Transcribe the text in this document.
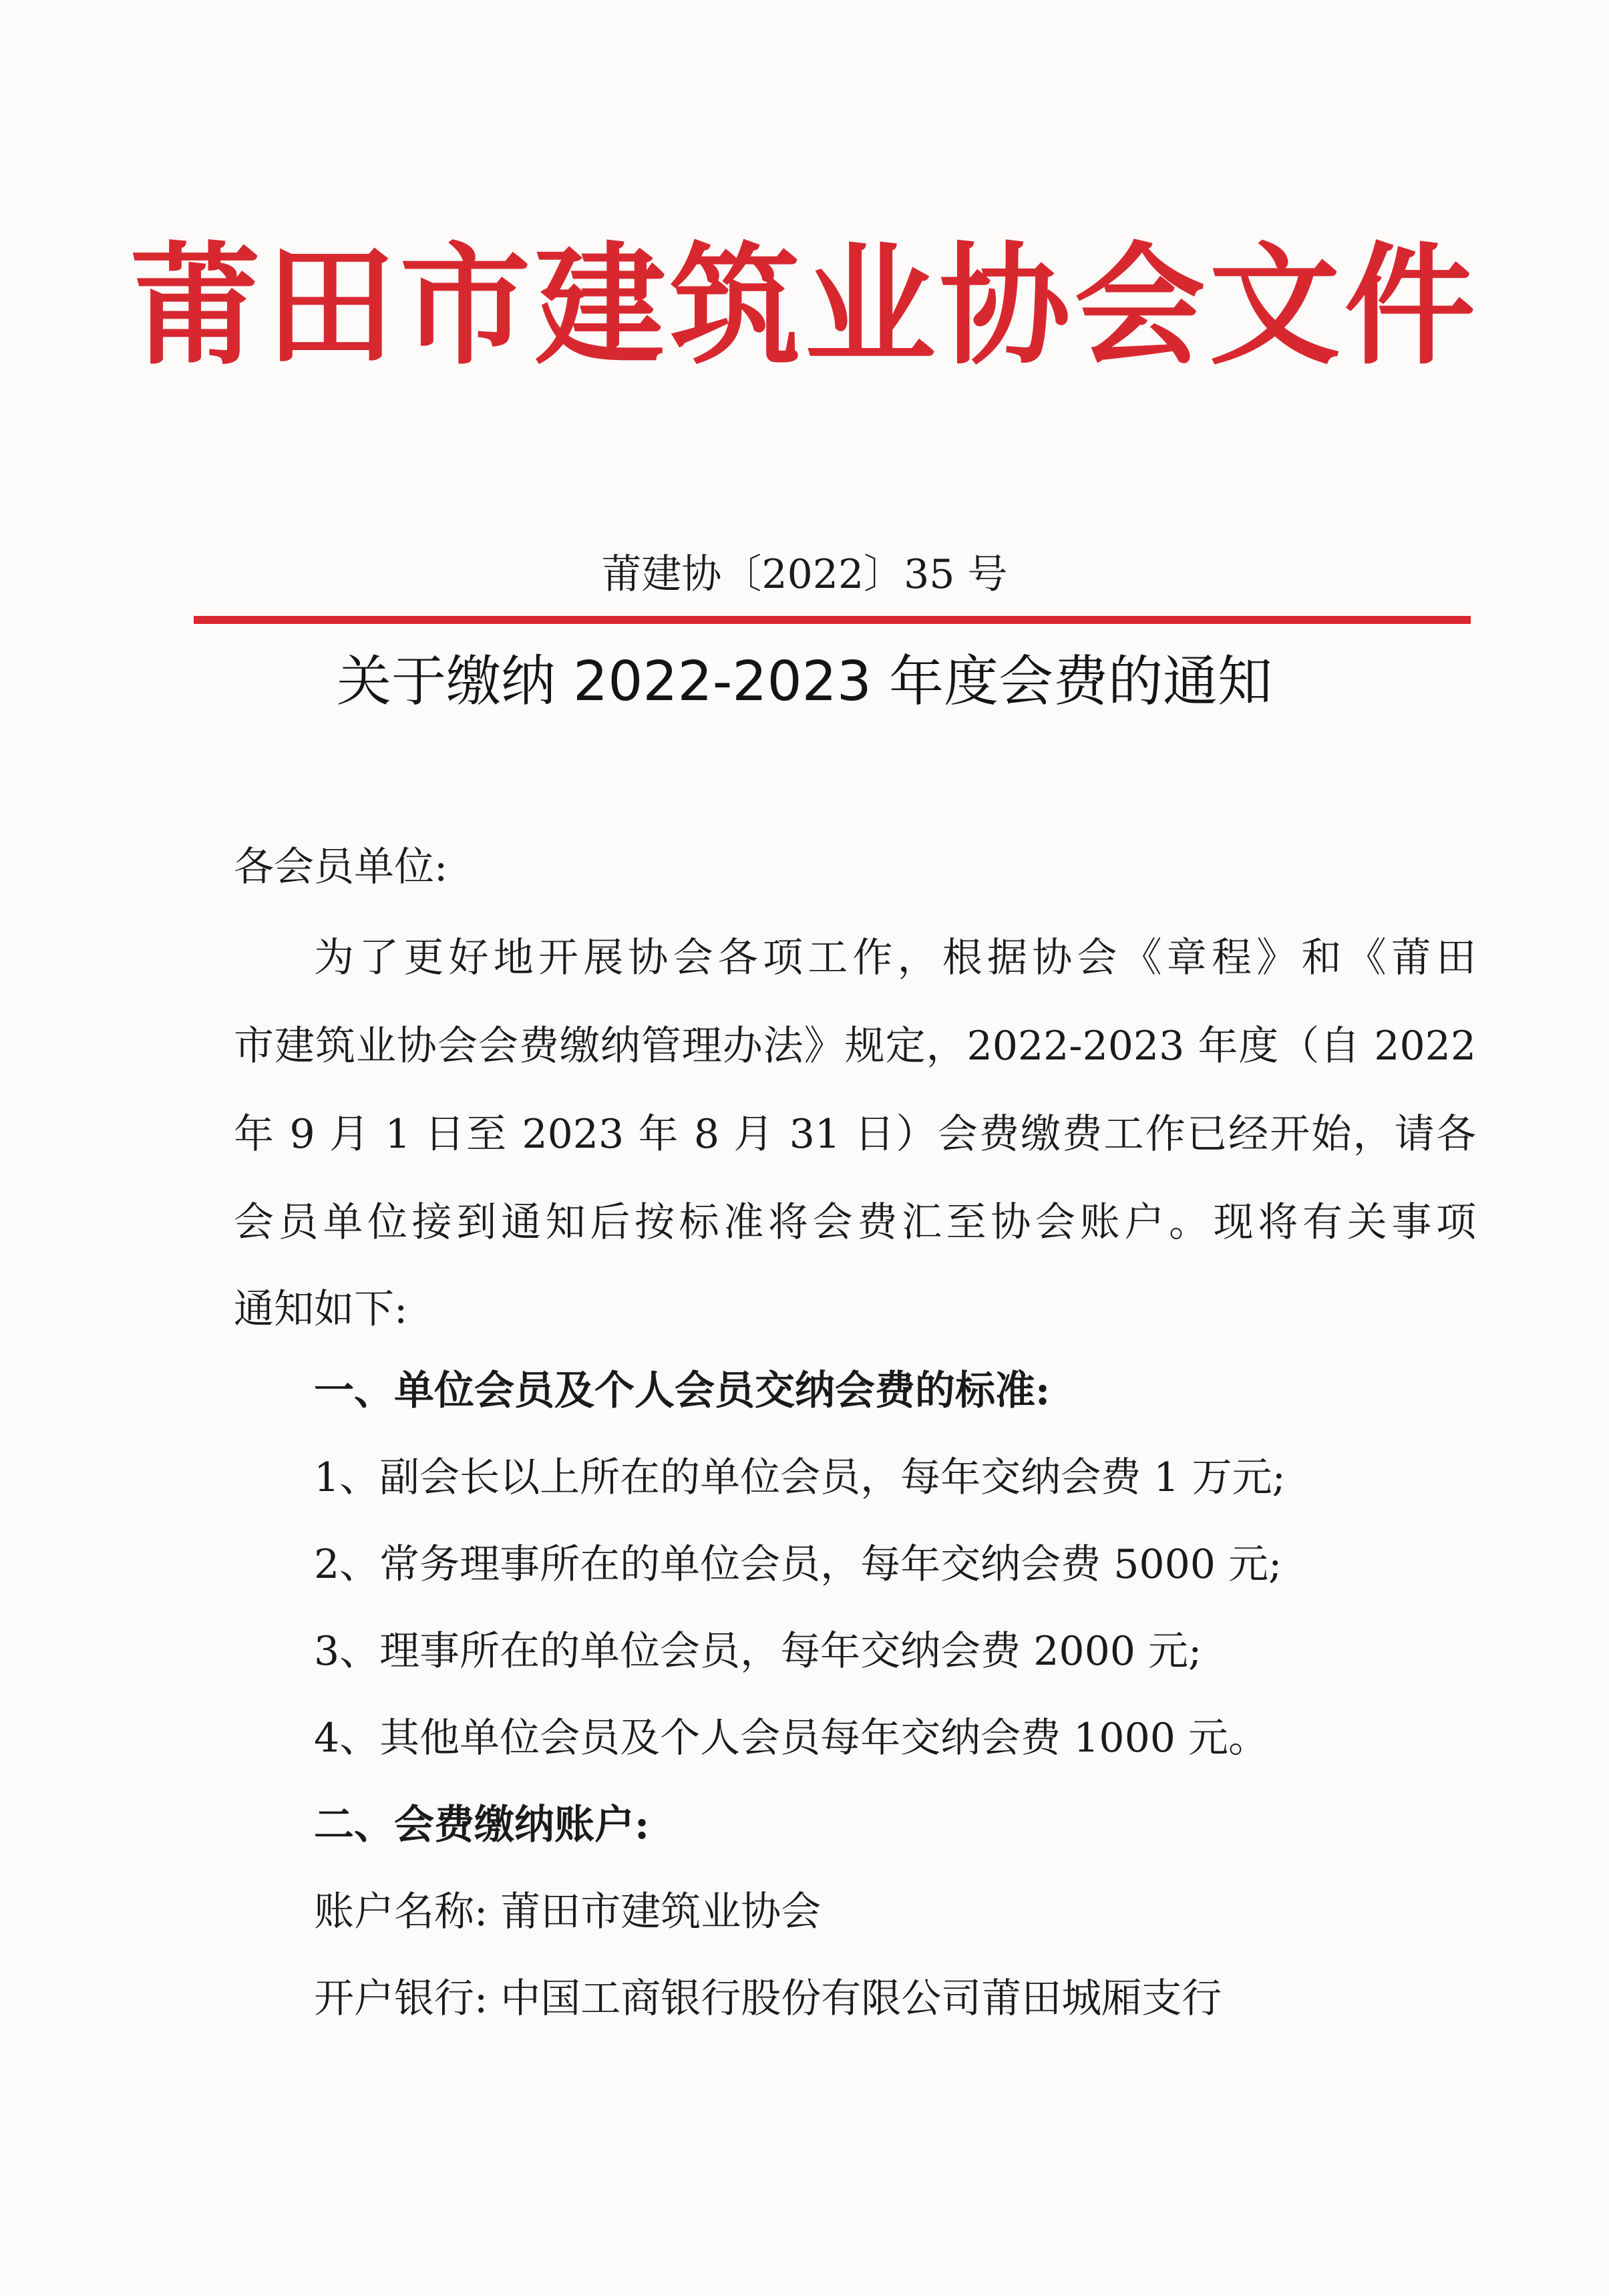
莆田市建筑业协会文件
莆建协〔2022〕35 号
关于缴纳 2022-2023 年度会费的通知
各会员单位:
为了更好地开展协会各项工作，根据协会《章程》和《莆田
市建筑业协会会费缴纳管理办法》规定，2022-2023 年度（自 2022
年 9 月 1 日至 2023 年 8 月 31 日）会费缴费工作已经开始，请各
会员单位接到通知后按标准将会费汇至协会账户。现将有关事项
通知如下:
一、单位会员及个人会员交纳会费的标准:
1、副会长以上所在的单位会员，每年交纳会费 1 万元;
2、常务理事所在的单位会员，每年交纳会费 5000 元;
3、理事所在的单位会员，每年交纳会费 2000 元;
4、其他单位会员及个人会员每年交纳会费 1000 元。
二、会费缴纳账户:
账户名称: 莆田市建筑业协会
开户银行: 中国工商银行股份有限公司莆田城厢支行
